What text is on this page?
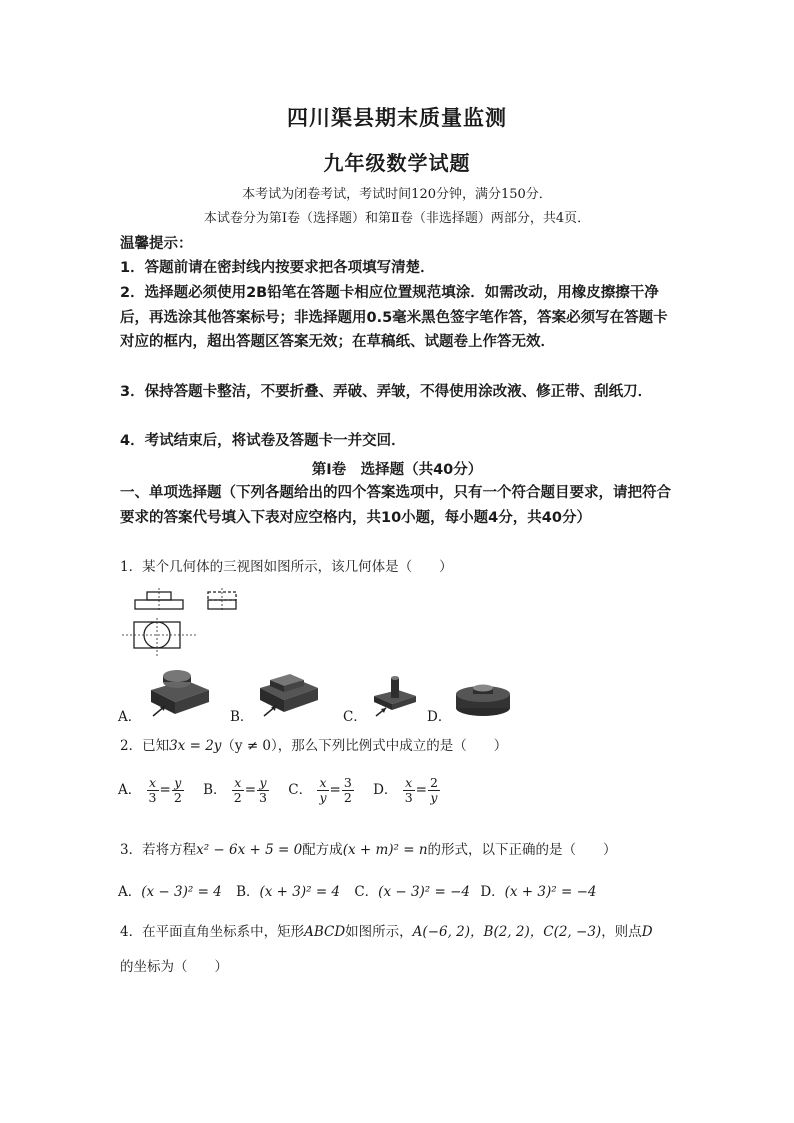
四川渠县期末质量监测
九年级数学试题
本考试为闭卷考试，考试时间120分钟，满分150分．
本试卷分为第Ⅰ卷（选择题）和第Ⅱ卷（非选择题）两部分，共4页．
温馨提示：
1．答题前请在密封线内按要求把各项填写清楚．
2．选择题必须使用2B铅笔在答题卡相应位置规范填涂．如需改动，用橡皮擦擦干净后，再选涂其他答案标号；非选择题用0.5毫米黑色签字笔作答，答案必须写在答题卡对应的框内，超出答题区答案无效；在草稿纸、试题卷上作答无效．
3．保持答题卡整洁，不要折叠、弄破、弄皱，不得使用涂改液、修正带、刮纸刀．
4．考试结束后，将试卷及答题卡一并交回．
第Ⅰ卷　选择题（共40分）
一、单项选择题（下列各题给出的四个答案选项中，只有一个符合题目要求，请把符合要求的答案代号填入下表对应空格内，共10小题，每小题4分，共40分）
1．某个几何体的三视图如图所示，该几何体是（　　）
A．	B．	C．	D．
2．已知3x = 2y（y ≠ 0），那么下列比例式中成立的是（　　）
A． $\frac{x}{3} = \frac{y}{2}$ B． $\frac{x}{2} = \frac{y}{3}$ C． $\frac{x}{y} = \frac{3}{2}$ D． $\frac{x}{3} = \frac{2}{y}$
3．若将方程x² − 6x + 5 = 0配方成(x + m)² = n的形式，以下正确的是（　　）
A．(x − 3)² = 4 B．(x + 3)² = 4 C．(x − 3)² = −4 D．(x + 3)² = −4
4．在平面直角坐标系中，矩形ABCD如图所示，A(−6, 2)，B(2, 2)，C(2, −3)，则点D
的坐标为（　　）
